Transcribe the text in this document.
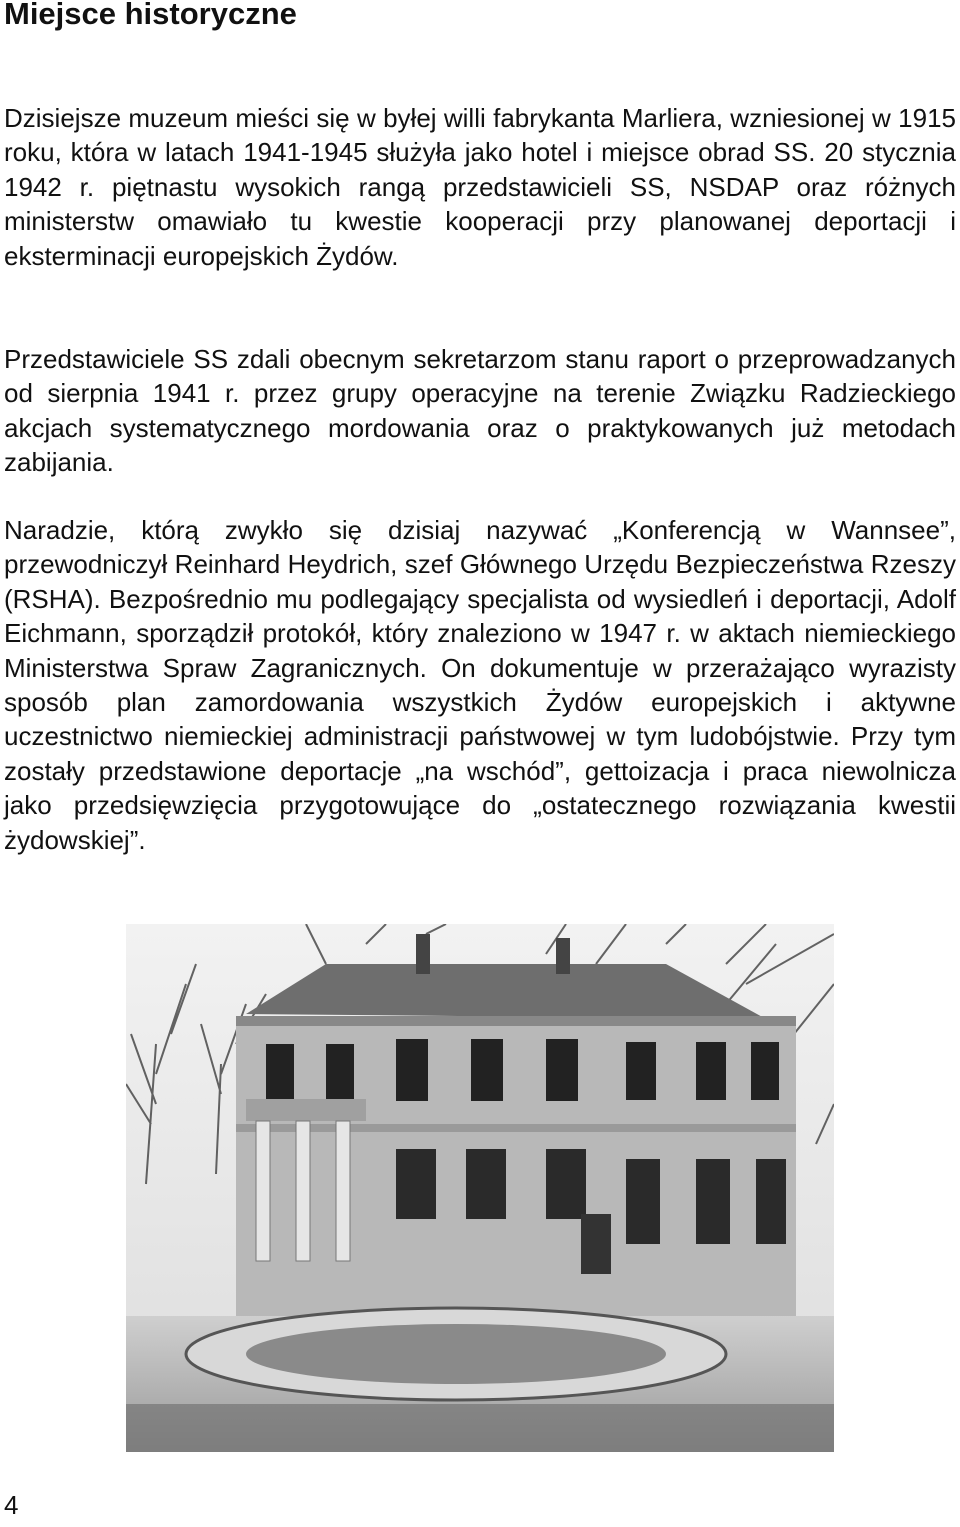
Miejsce historyczne

Dzisiejsze muzeum mieści się w byłej willi fabrykanta Marliera, wzniesionej w 1915 roku, która w latach 1941-1945 służyła jako hotel i miejsce obrad SS. 20 stycznia 1942 r. piętnastu wysokich rangą przedstawicieli SS, NSDAP oraz różnych ministerstw omawiało tu kwestie kooperacji przy planowanej deportacji i eksterminacji europejskich Żydów.

Przedstawiciele SS zdali obecnym sekretarzom stanu raport o przeprowadzanych od sierpnia 1941 r. przez grupy operacyjne na terenie Związku Radzieckiego akcjach systematycznego mordowania oraz o praktykowanych już metodach zabijania.

Naradzie, którą zwykło się dzisiaj nazywać „Konferencją w Wannsee”, przewodniczył Reinhard Heydrich, szef Głównego Urzędu Bezpieczeństwa Rzeszy (RSHA). Bezpośrednio mu podlegający specjalista od wysiedleń i deportacji, Adolf Eichmann, sporządził protokół, który znaleziono w 1947 r. w aktach niemieckiego Ministerstwa Spraw Zagranicznych. On dokumentuje w przerażająco wyrazisty sposób plan zamordowania wszystkich Żydów europejskich i aktywne uczestnictwo niemieckiej administracji państwowej w tym ludobójstwie. Przy tym zostały przedstawione deportacje „na wschód”, gettoizacja i praca niewolnicza jako przedsięwzięcia przygotowujące do „ostatecznego rozwiązania kwestii żydowskiej”.

4
